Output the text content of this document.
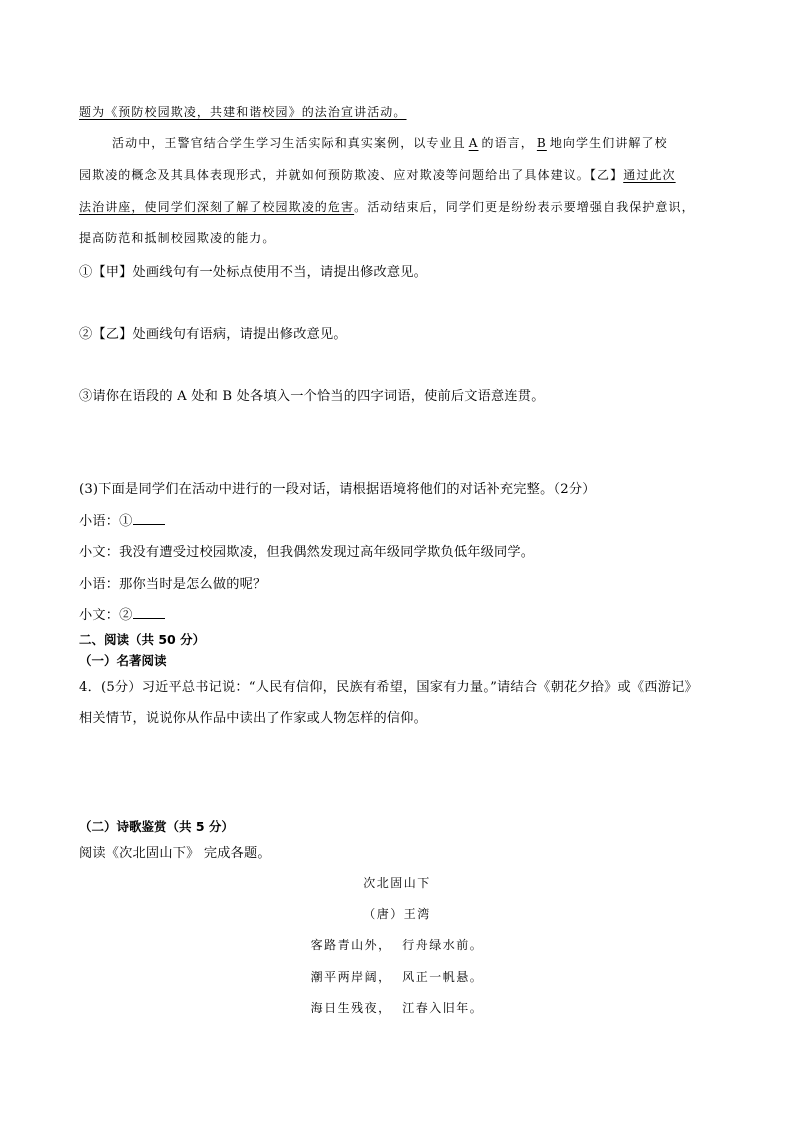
题为《预防校园欺凌，共建和谐校园》的法治宣讲活动。
活动中，王警官结合学生学习生活实际和真实案例，以专业且 A 的语言， B 地向学生们讲解了校
园欺凌的概念及其具体表现形式，并就如何预防欺凌、应对欺凌等问题给出了具体建议。【乙】通过此次
法治讲座，使同学们深刻了解了校园欺凌的危害。活动结束后，同学们更是纷纷表示要增强自我保护意识，
提高防范和抵制校园欺凌的能力。
①【甲】处画线句有一处标点使用不当，请提出修改意见。
②【乙】处画线句有语病，请提出修改意见。
③请你在语段的 A 处和 B 处各填入一个恰当的四字词语，使前后文语意连贯。
(3)下面是同学们在活动中进行的一段对话，请根据语境将他们的对话补充完整。（2分）
小语：①
小文：我没有遭受过校园欺凌，但我偶然发现过高年级同学欺负低年级同学。
小语：那你当时是怎么做的呢？
小文：②
二、阅读（共 50 分）
（一）名著阅读
4．(5分）习近平总书记说：“人民有信仰，民族有希望，国家有力量。”请结合《朝花夕拾》或《西游记》
相关情节，说说你从作品中读出了作家或人物怎样的信仰。
（二）诗歌鉴赏（共 5 分）
阅读《次北固山下》 完成各题。
次北固山下
（唐）王湾
客路青山外，  行舟绿水前。
潮平两岸阔，  风正一帆悬。
海日生残夜，  江春入旧年。
